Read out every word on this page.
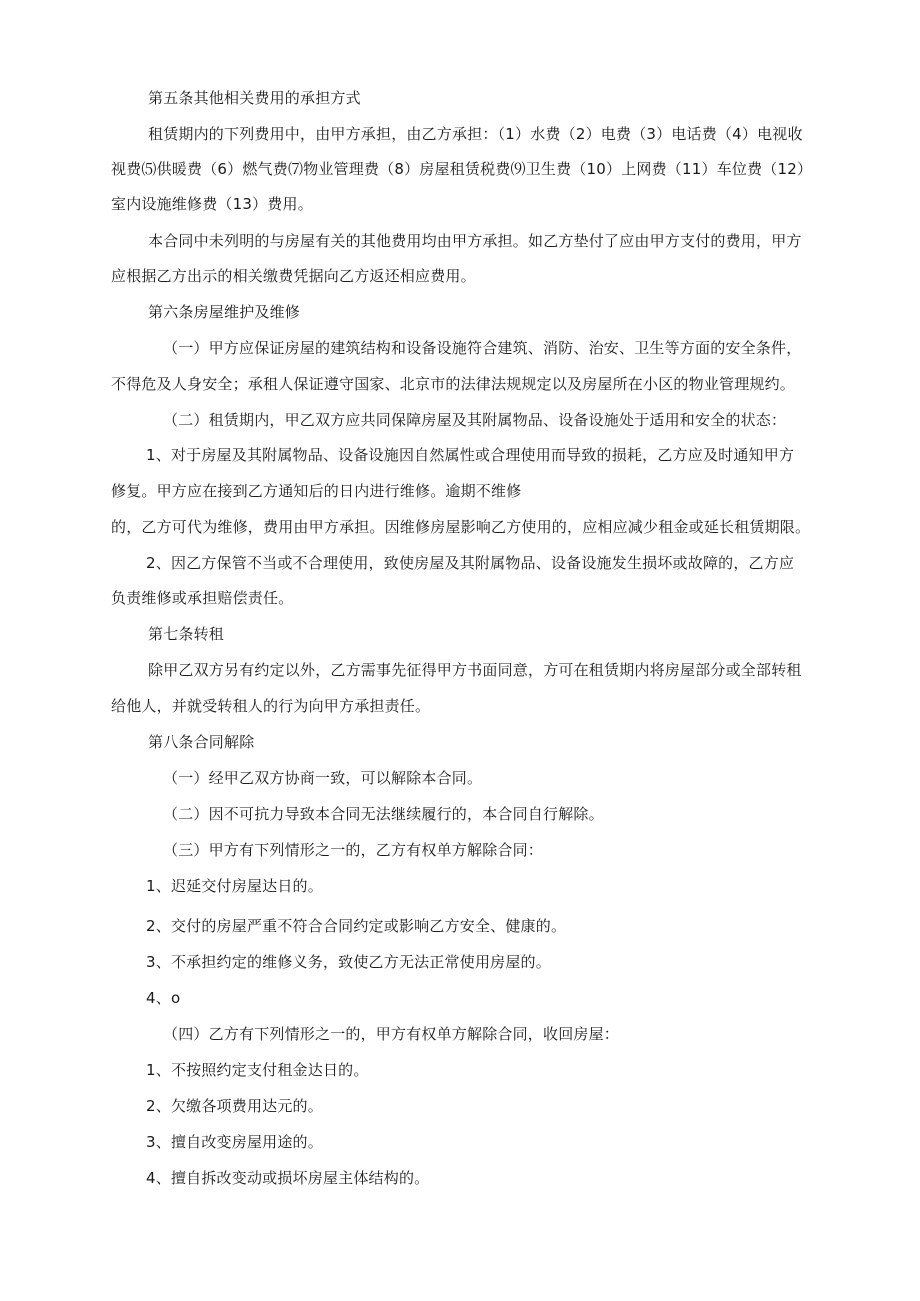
第五条其他相关费用的承担方式
租赁期内的下列费用中，由甲方承担，由乙方承担：（1）水费（2）电费（3）电话费（4）电视收
视费⑸供暖费（6）燃气费⑺物业管理费（8）房屋租赁税费⑼卫生费（10）上网费（11）车位费（12）
室内设施维修费（13）费用。
本合同中未列明的与房屋有关的其他费用均由甲方承担。如乙方垫付了应由甲方支付的费用，甲方
应根据乙方出示的相关缴费凭据向乙方返还相应费用。
第六条房屋维护及维修
（一）甲方应保证房屋的建筑结构和设备设施符合建筑、消防、治安、卫生等方面的安全条件，
不得危及人身安全；承租人保证遵守国家、北京市的法律法规规定以及房屋所在小区的物业管理规约。
（二）租赁期内，甲乙双方应共同保障房屋及其附属物品、设备设施处于适用和安全的状态：
1、对于房屋及其附属物品、设备设施因自然属性或合理使用而导致的损耗，乙方应及时通知甲方
修复。甲方应在接到乙方通知后的日内进行维修。逾期不维修
的，乙方可代为维修，费用由甲方承担。因维修房屋影响乙方使用的，应相应减少租金或延长租赁期限。
2、因乙方保管不当或不合理使用，致使房屋及其附属物品、设备设施发生损坏或故障的，乙方应
负责维修或承担赔偿责任。
第七条转租
除甲乙双方另有约定以外，乙方需事先征得甲方书面同意，方可在租赁期内将房屋部分或全部转租
给他人，并就受转租人的行为向甲方承担责任。
第八条合同解除
（一）经甲乙双方协商一致，可以解除本合同。
（二）因不可抗力导致本合同无法继续履行的，本合同自行解除。
（三）甲方有下列情形之一的，乙方有权单方解除合同：
1、迟延交付房屋达日的。
2、交付的房屋严重不符合合同约定或影响乙方安全、健康的。
3、不承担约定的维修义务，致使乙方无法正常使用房屋的。
4、o
（四）乙方有下列情形之一的，甲方有权单方解除合同，收回房屋：
1、不按照约定支付租金达日的。
2、欠缴各项费用达元的。
3、擅自改变房屋用途的。
4、擅自拆改变动或损坏房屋主体结构的。
